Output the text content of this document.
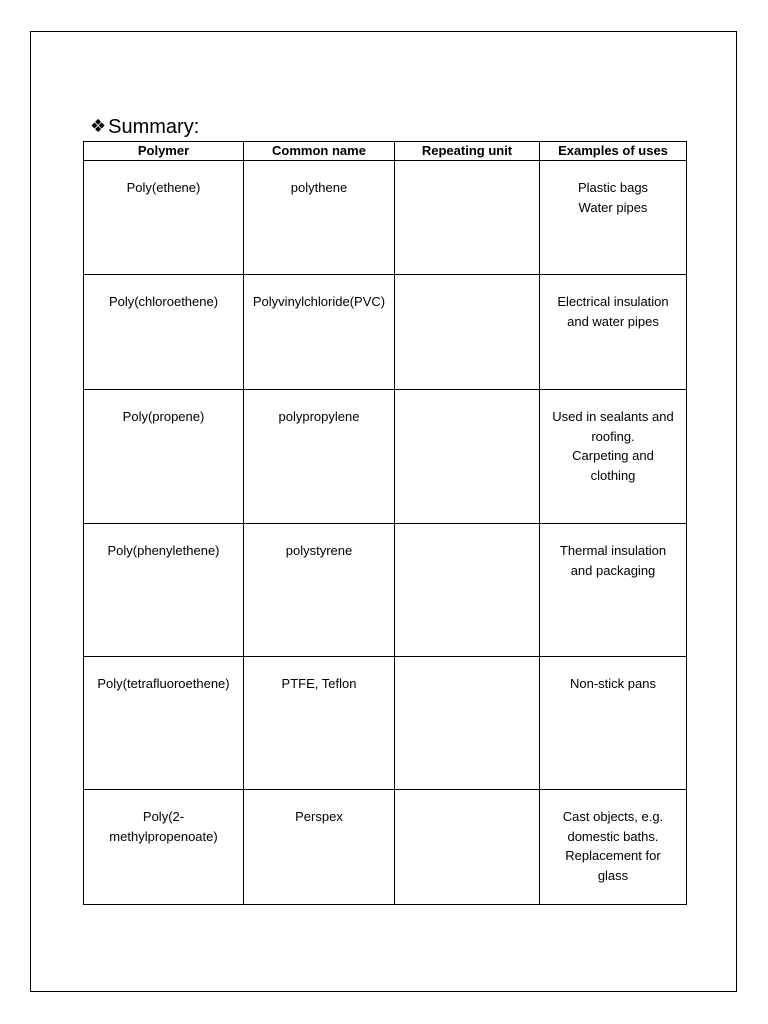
❖ Summary:
Polymer	Common name	Repeating unit	Examples of uses
Poly(ethene)	polythene		Plastic bags
Water pipes
Poly(chloroethene)	Polyvinylchloride(PVC)		Electrical insulation
and water pipes
Poly(propene)	polypropylene		Used in sealants and
roofing.
Carpeting and
clothing
Poly(phenylethene)	polystyrene		Thermal insulation
and packaging
Poly(tetrafluoroethene)	PTFE, Teflon		Non-stick pans
Poly(2-
methylpropenoate)	Perspex		Cast objects, e.g.
domestic baths.
Replacement for
glass
